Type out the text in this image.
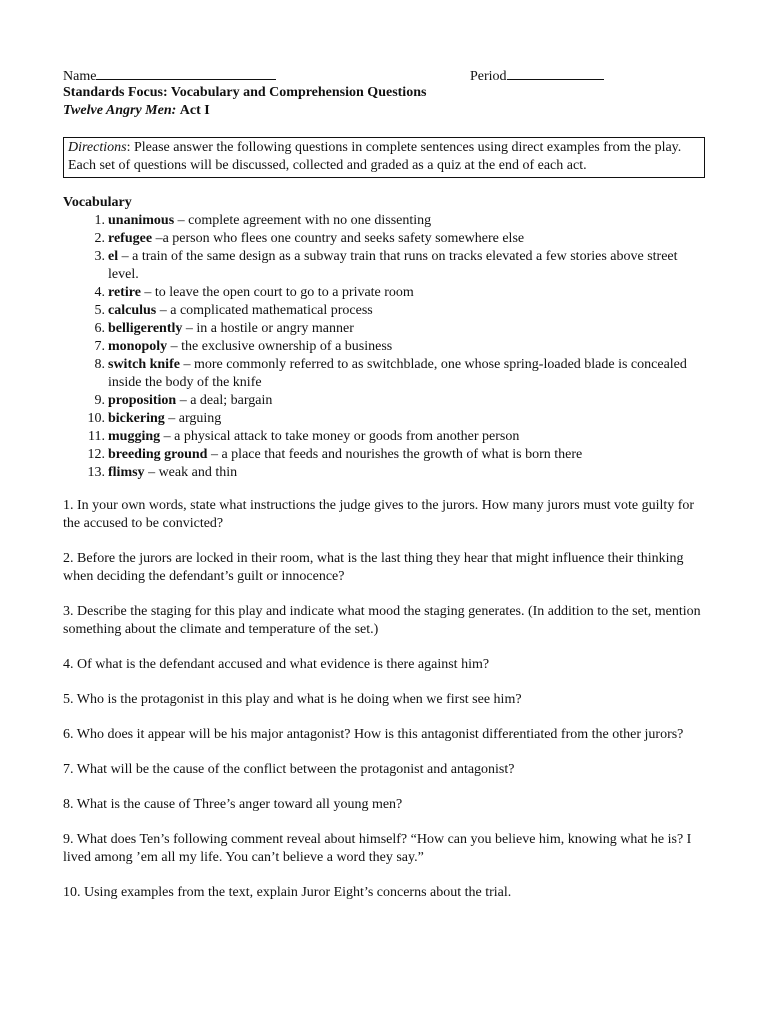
Name	Period
Standards Focus: Vocabulary and Comprehension Questions
Twelve Angry Men: Act I
Directions: Please answer the following questions in complete sentences using direct examples from the play. Each set of questions will be discussed, collected and graded as a quiz at the end of each act.
Vocabulary
1. unanimous – complete agreement with no one dissenting
2. refugee –a person who flees one country and seeks safety somewhere else
3. el – a train of the same design as a subway train that runs on tracks elevated a few stories above street level.
4. retire – to leave the open court to go to a private room
5. calculus – a complicated mathematical process
6. belligerently – in a hostile or angry manner
7. monopoly – the exclusive ownership of a business
8. switch knife – more commonly referred to as switchblade, one whose spring-loaded blade is concealed inside the body of the knife
9. proposition – a deal; bargain
10. bickering – arguing
11. mugging – a physical attack to take money or goods from another person
12. breeding ground – a place that feeds and nourishes the growth of what is born there
13. flimsy – weak and thin

1. In your own words, state what instructions the judge gives to the jurors. How many jurors must vote guilty for the accused to be convicted?

2. Before the jurors are locked in their room, what is the last thing they hear that might influence their thinking when deciding the defendant’s guilt or innocence?

3. Describe the staging for this play and indicate what mood the staging generates. (In addition to the set, mention something about the climate and temperature of the set.)

4. Of what is the defendant accused and what evidence is there against him?

5. Who is the protagonist in this play and what is he doing when we first see him?

6. Who does it appear will be his major antagonist? How is this antagonist differentiated from the other jurors?

7. What will be the cause of the conflict between the protagonist and antagonist?

8. What is the cause of Three’s anger toward all young men?

9. What does Ten’s following comment reveal about himself? “How can you believe him, knowing what he is? I lived among ’em all my life. You can’t believe a word they say.”

10. Using examples from the text, explain Juror Eight’s concerns about the trial.
